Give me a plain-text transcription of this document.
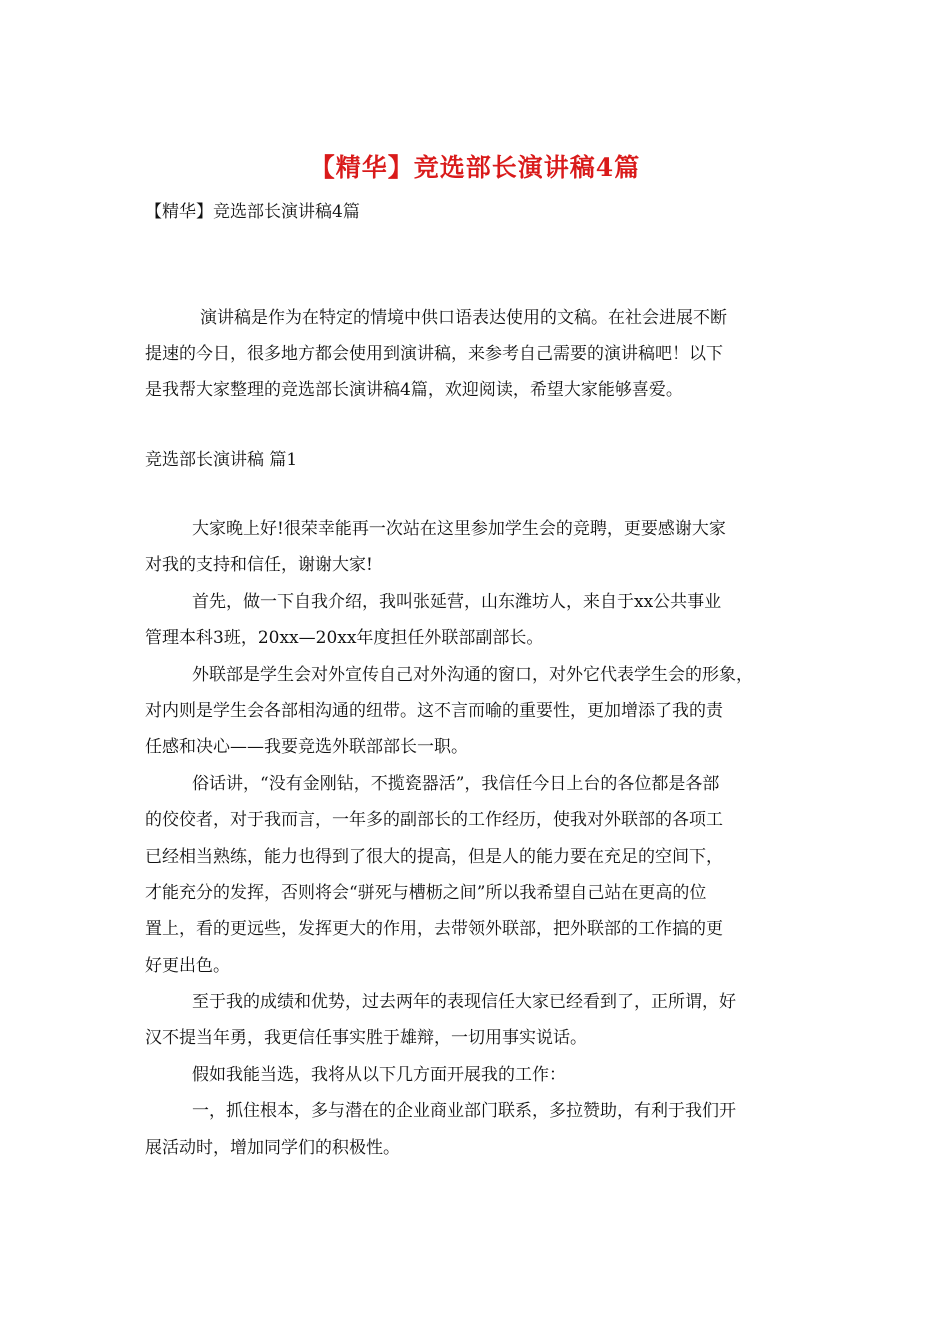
【精华】竞选部长演讲稿4篇
【精华】竞选部长演讲稿4篇
演讲稿是作为在特定的情境中供口语表达使用的文稿。在社会进展不断
提速的今日，很多地方都会使用到演讲稿，来参考自己需要的演讲稿吧！以下
是我帮大家整理的竞选部长演讲稿4篇，欢迎阅读，希望大家能够喜爱。
竞选部长演讲稿 篇1
大家晚上好!很荣幸能再一次站在这里参加学生会的竞聘，更要感谢大家
对我的支持和信任，谢谢大家!
首先，做一下自我介绍，我叫张延营，山东潍坊人，来自于xx公共事业
管理本科3班，20xx—20xx年度担任外联部副部长。
外联部是学生会对外宣传自己对外沟通的窗口，对外它代表学生会的形象，
对内则是学生会各部相沟通的纽带。这不言而喻的重要性，更加增添了我的责
任感和决心——我要竞选外联部部长一职。
俗话讲，“没有金刚钻，不揽瓷器活”，我信任今日上台的各位都是各部
的佼佼者，对于我而言，一年多的副部长的工作经历，使我对外联部的各项工
已经相当熟练，能力也得到了很大的提高，但是人的能力要在充足的空间下，
才能充分的发挥，否则将会“骈死与槽枥之间”所以我希望自己站在更高的位
置上，看的更远些，发挥更大的作用，去带领外联部，把外联部的工作搞的更
好更出色。
至于我的成绩和优势，过去两年的表现信任大家已经看到了，正所谓，好
汉不提当年勇，我更信任事实胜于雄辩，一切用事实说话。
假如我能当选，我将从以下几方面开展我的工作：
一，抓住根本，多与潜在的企业商业部门联系，多拉赞助，有利于我们开
展活动时，增加同学们的积极性。
